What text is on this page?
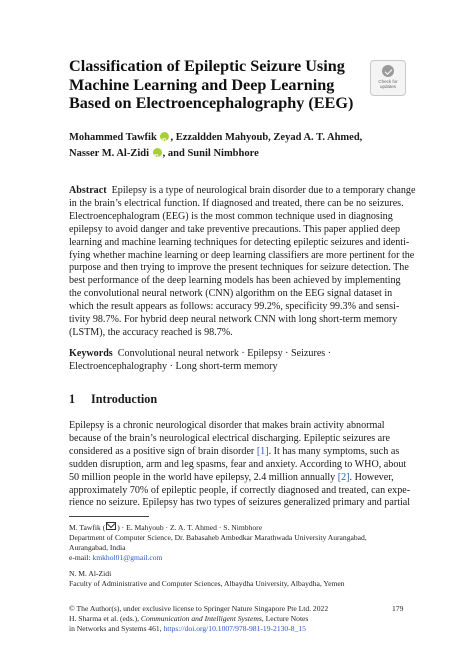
Classification of Epileptic Seizure Using
Machine Learning and Deep Learning
Based on Electroencephalography (EEG)
Check for
updates
Mohammed Tawfik iD , Ezzaldden Mahyoub, Zeyad A. T. Ahmed,
Nasser M. Al-Zidi iD , and Sunil Nimbhore
Abstract Epilepsy is a type of neurological brain disorder due to a temporary change
in the brain’s electrical function. If diagnosed and treated, there can be no seizures.
Electroencephalogram (EEG) is the most common technique used in diagnosing
epilepsy to avoid danger and take preventive precautions. This paper applied deep
learning and machine learning techniques for detecting epileptic seizures and identi-
fying whether machine learning or deep learning classifiers are more pertinent for the
purpose and then trying to improve the present techniques for seizure detection. The
best performance of the deep learning models has been achieved by implementing
the convolutional neural network (CNN) algorithm on the EEG signal dataset in
which the result appears as follows: accuracy 99.2%, specificity 99.3% and sensi-
tivity 98.7%. For hybrid deep neural network CNN with long short-term memory
(LSTM), the accuracy reached is 98.7%.
Keywords Convolutional neural network · Epilepsy · Seizures ·
Electroencephalography · Long short-term memory
1 Introduction
Epilepsy is a chronic neurological disorder that makes brain activity abnormal
because of the brain’s neurological electrical discharging. Epileptic seizures are
considered as a positive sign of brain disorder [1]. It has many symptoms, such as
sudden disruption, arm and leg spasms, fear and anxiety. According to WHO, about
50 million people in the world have epilepsy, 2.4 million annually [2]. However,
approximately 70% of epileptic people, if correctly diagnosed and treated, can expe-
rience no seizure. Epilepsy has two types of seizures generalized primary and partial
M. Tawfik ( ) · E. Mahyoub · Z. A. T. Ahmed · S. Nimbhore
Department of Computer Science, Dr. Babasaheb Ambedkar Marathwada University Aurangabad,
Aurangabad, India
e-mail: kmkhol01@gmail.com
N. M. Al-Zidi
Faculty of Administrative and Computer Sciences, Albaydha University, Albaydha, Yemen
© The Author(s), under exclusive license to Springer Nature Singapore Pte Ltd. 2022
H. Sharma et al. (eds.), Communication and Intelligent Systems, Lecture Notes
in Networks and Systems 461, https://doi.org/10.1007/978-981-19-2130-8_15
179
